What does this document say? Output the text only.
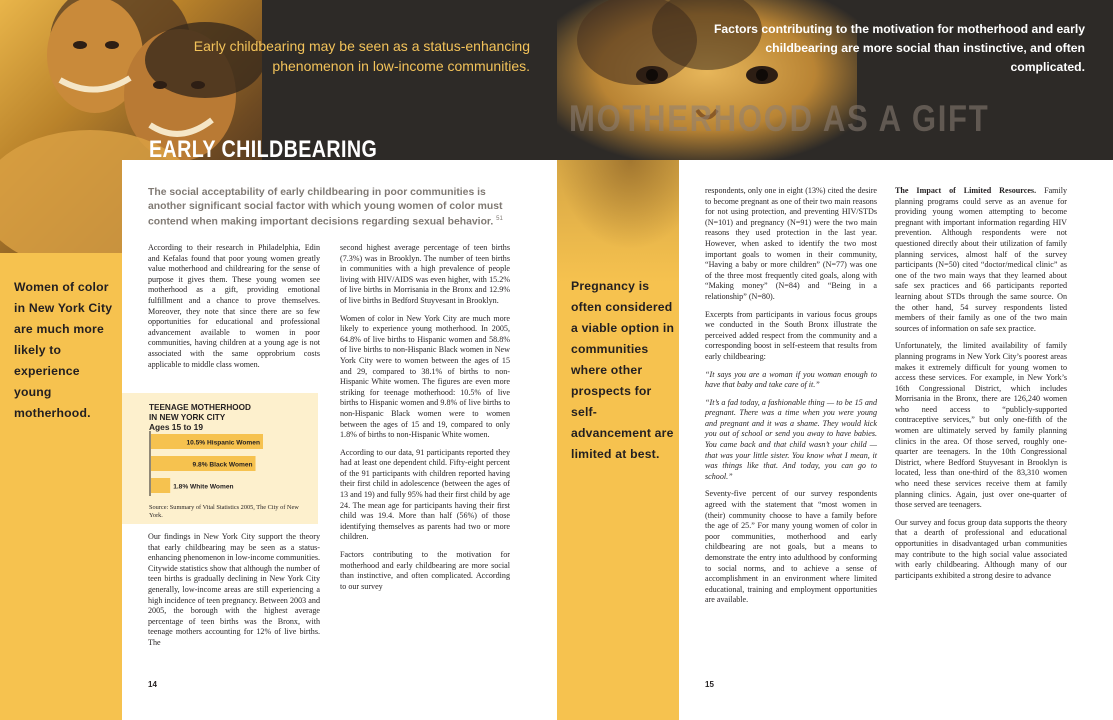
Women of color in New York City are much more likely to experience young motherhood.
Early childbearing may be seen as a status-enhancing phenomenon in low-income communities.
EARLY CHILDBEARING
The social acceptability of early childbearing in poor communities is another significant social factor with which young women of color must contend when making important decisions regarding sexual behavior. $^{51}$

According to their research in Philadelphia, Edin and Kefalas found that poor young women greatly value motherhood and childrearing for the sense of purpose it gives them. These young women see motherhood as a gift, providing emotional fulfillment and a chance to prove themselves. Moreover, they note that since there are so few opportunities for educational and professional advancement available to women in poor communities, having children at a young age is not associated with the same opprobrium costs applicable to middle class women.

TEENAGE MOTHERHOOD
IN NEW YORK CITY
Ages 15 to 19
10.5% Hispanic Women
9.8% Black Women
1.8% White Women
Source: Summary of Vital Statistics 2005, The City of New York.

Our findings in New York City support the theory that early childbearing may be seen as a status-enhancing phenomenon in low-income communities. Citywide statistics show that although the number of teen births is gradually declining in New York City generally, low-income areas are still experiencing a high incidence of teen pregnancy. Between 2003 and 2005, the borough with the highest average percentage of teen births was the Bronx, with teenage mothers accounting for 12% of live births. The

second highest average percentage of teen births (7.3%) was in Brooklyn. The number of teen births in communities with a high prevalence of people living with HIV/AIDS was even higher, with 15.2% of live births in Morrisania in the Bronx and 12.9% of live births in Bedford Stuyvesant in Brooklyn.

Women of color in New York City are much more likely to experience young motherhood. In 2005, 64.8% of live births to Hispanic women and 58.8% of live births to non-Hispanic Black women in New York City were to women between the ages of 15 and 29, compared to 38.1% of births to non-Hispanic White women. The figures are even more striking for teenage motherhood: 10.5% of live births to Hispanic women and 9.8% of live births to non-Hispanic Black women were to women between the ages of 15 and 19, compared to only 1.8% of births to non-Hispanic White women.

According to our data, 91 participants reported they had at least one dependent child. Fifty-eight percent of the 91 participants with children reported having their first child in adolescence (between the ages of 13 and 19) and fully 95% had their first child by age 24. The mean age for participants having their first child was 19.4. More than half (56%) of those identifying themselves as parents had two or more children.

Factors contributing to the motivation for motherhood and early childbearing are more social than instinctive, and often complicated. According to our survey

14
Pregnancy is often considered a viable option in communities where other prospects for self-advancement are limited at best.
Factors contributing to the motivation for motherhood and early childbearing are more social than instinctive, and often complicated.
MOTHERHOOD AS A GIFT

respondents, only one in eight (13%) cited the desire to become pregnant as one of their two main reasons for not using protection, and preventing HIV/STDs (N=101) and pregnancy (N=91) were the two main reasons they used protection in the last year. However, when asked to identify the two most important goals to women in their community, “Having a baby or more children” (N=77) was one of the three most frequently cited goals, along with “Making money” (N=84) and “Being in a relationship” (N=80).

Excerpts from participants in various focus groups we conducted in the South Bronx illustrate the perceived added respect from the community and a corresponding boost in self-esteem that results from early childbearing:

“It says you are a woman if you woman enough to have that baby and take care of it.”

“It’s a fad today, a fashionable thing — to be 15 and pregnant. There was a time when you were young and pregnant and it was a shame. They would kick you out of school or send you away to have babies. You came back and that child wasn’t your child — that was your little sister. You know what I mean, it was things like that. And today, you can go to school.”

Seventy-five percent of our survey respondents agreed with the statement that “most women in (their) community choose to have a family before the age of 25.” For many young women of color in poor communities, motherhood and early childbearing are not goals, but a means to demonstrate the entry into adulthood by conforming to social norms, and to achieve a sense of accomplishment in an environment where limited educational, training and employment opportunities are available.

The Impact of Limited Resources. Family planning programs could serve as an avenue for providing young women attempting to become pregnant with important information regarding HIV prevention. Although respondents were not questioned directly about their utilization of family planning services, almost half of the survey participants (N=50) cited “doctor/medical clinic” as one of the two main ways that they learned about safe sex practices and 66 participants reported learning about STDs through the same source. On the other hand, 54 survey respondents listed members of their family as one of the two main sources of information on safe sex practice.

Unfortunately, the limited availability of family planning programs in New York City’s poorest areas makes it extremely difficult for young women to access these services. For example, in New York’s 16th Congressional District, which includes Morrisania in the Bronx, there are 126,240 women who need access to “publicly-supported contraceptive services,” but only one-fifth of the women are ultimately served by family planning clinics in the area. Of those served, roughly one-quarter are teenagers. In the 10th Congressional District, where Bedford Stuyvesant in Brooklyn is located, less than one-third of the 83,310 women who need these services receive them at family planning clinics. Again, just over one-quarter of those served are teenagers.

Our survey and focus group data supports the theory that a dearth of professional and educational opportunities in disadvantaged urban communities may contribute to the high social value associated with early childbearing. Although many of our participants exhibited a strong desire to advance

15
